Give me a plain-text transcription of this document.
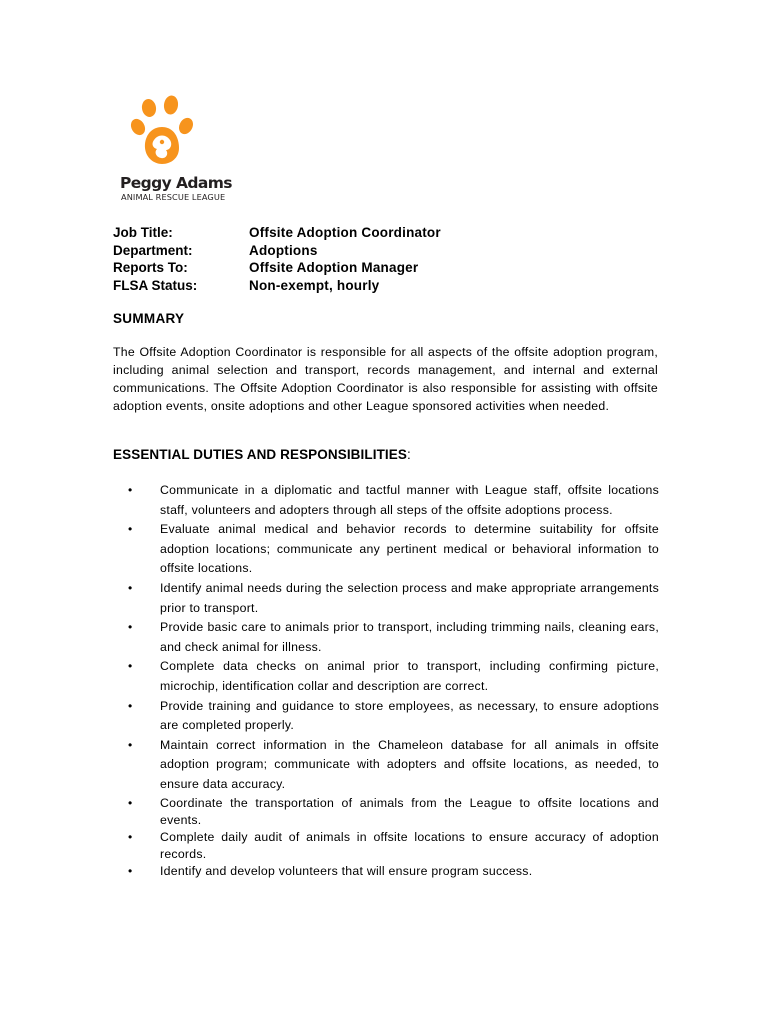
Peggy Adams
ANIMAL RESCUE LEAGUE
Job Title:	Offsite Adoption Coordinator
Department:	Adoptions
Reports To:	Offsite Adoption Manager
FLSA Status:	Non-exempt, hourly
SUMMARY

The Offsite Adoption Coordinator is responsible for all aspects of the offsite adoption program, including animal selection and transport, records management, and internal and external communications. The Offsite Adoption Coordinator is also responsible for assisting with offsite adoption events, onsite adoptions and other League sponsored activities when needed.

ESSENTIAL DUTIES AND RESPONSIBILITIES:
• Communicate in a diplomatic and tactful manner with League staff, offsite locations staff, volunteers and adopters through all steps of the offsite adoptions process.
• Evaluate animal medical and behavior records to determine suitability for offsite adoption locations; communicate any pertinent medical or behavioral information to offsite locations.
• Identify animal needs during the selection process and make appropriate arrangements prior to transport.
• Provide basic care to animals prior to transport, including trimming nails, cleaning ears, and check animal for illness.
• Complete data checks on animal prior to transport, including confirming picture, microchip, identification collar and description are correct.
• Provide training and guidance to store employees, as necessary, to ensure adoptions are completed properly.
• Maintain correct information in the Chameleon database for all animals in offsite adoption program; communicate with adopters and offsite locations, as needed, to ensure data accuracy.
• Coordinate the transportation of animals from the League to offsite locations and events.
• Complete daily audit of animals in offsite locations to ensure accuracy of adoption records.
• Identify and develop volunteers that will ensure program success.
